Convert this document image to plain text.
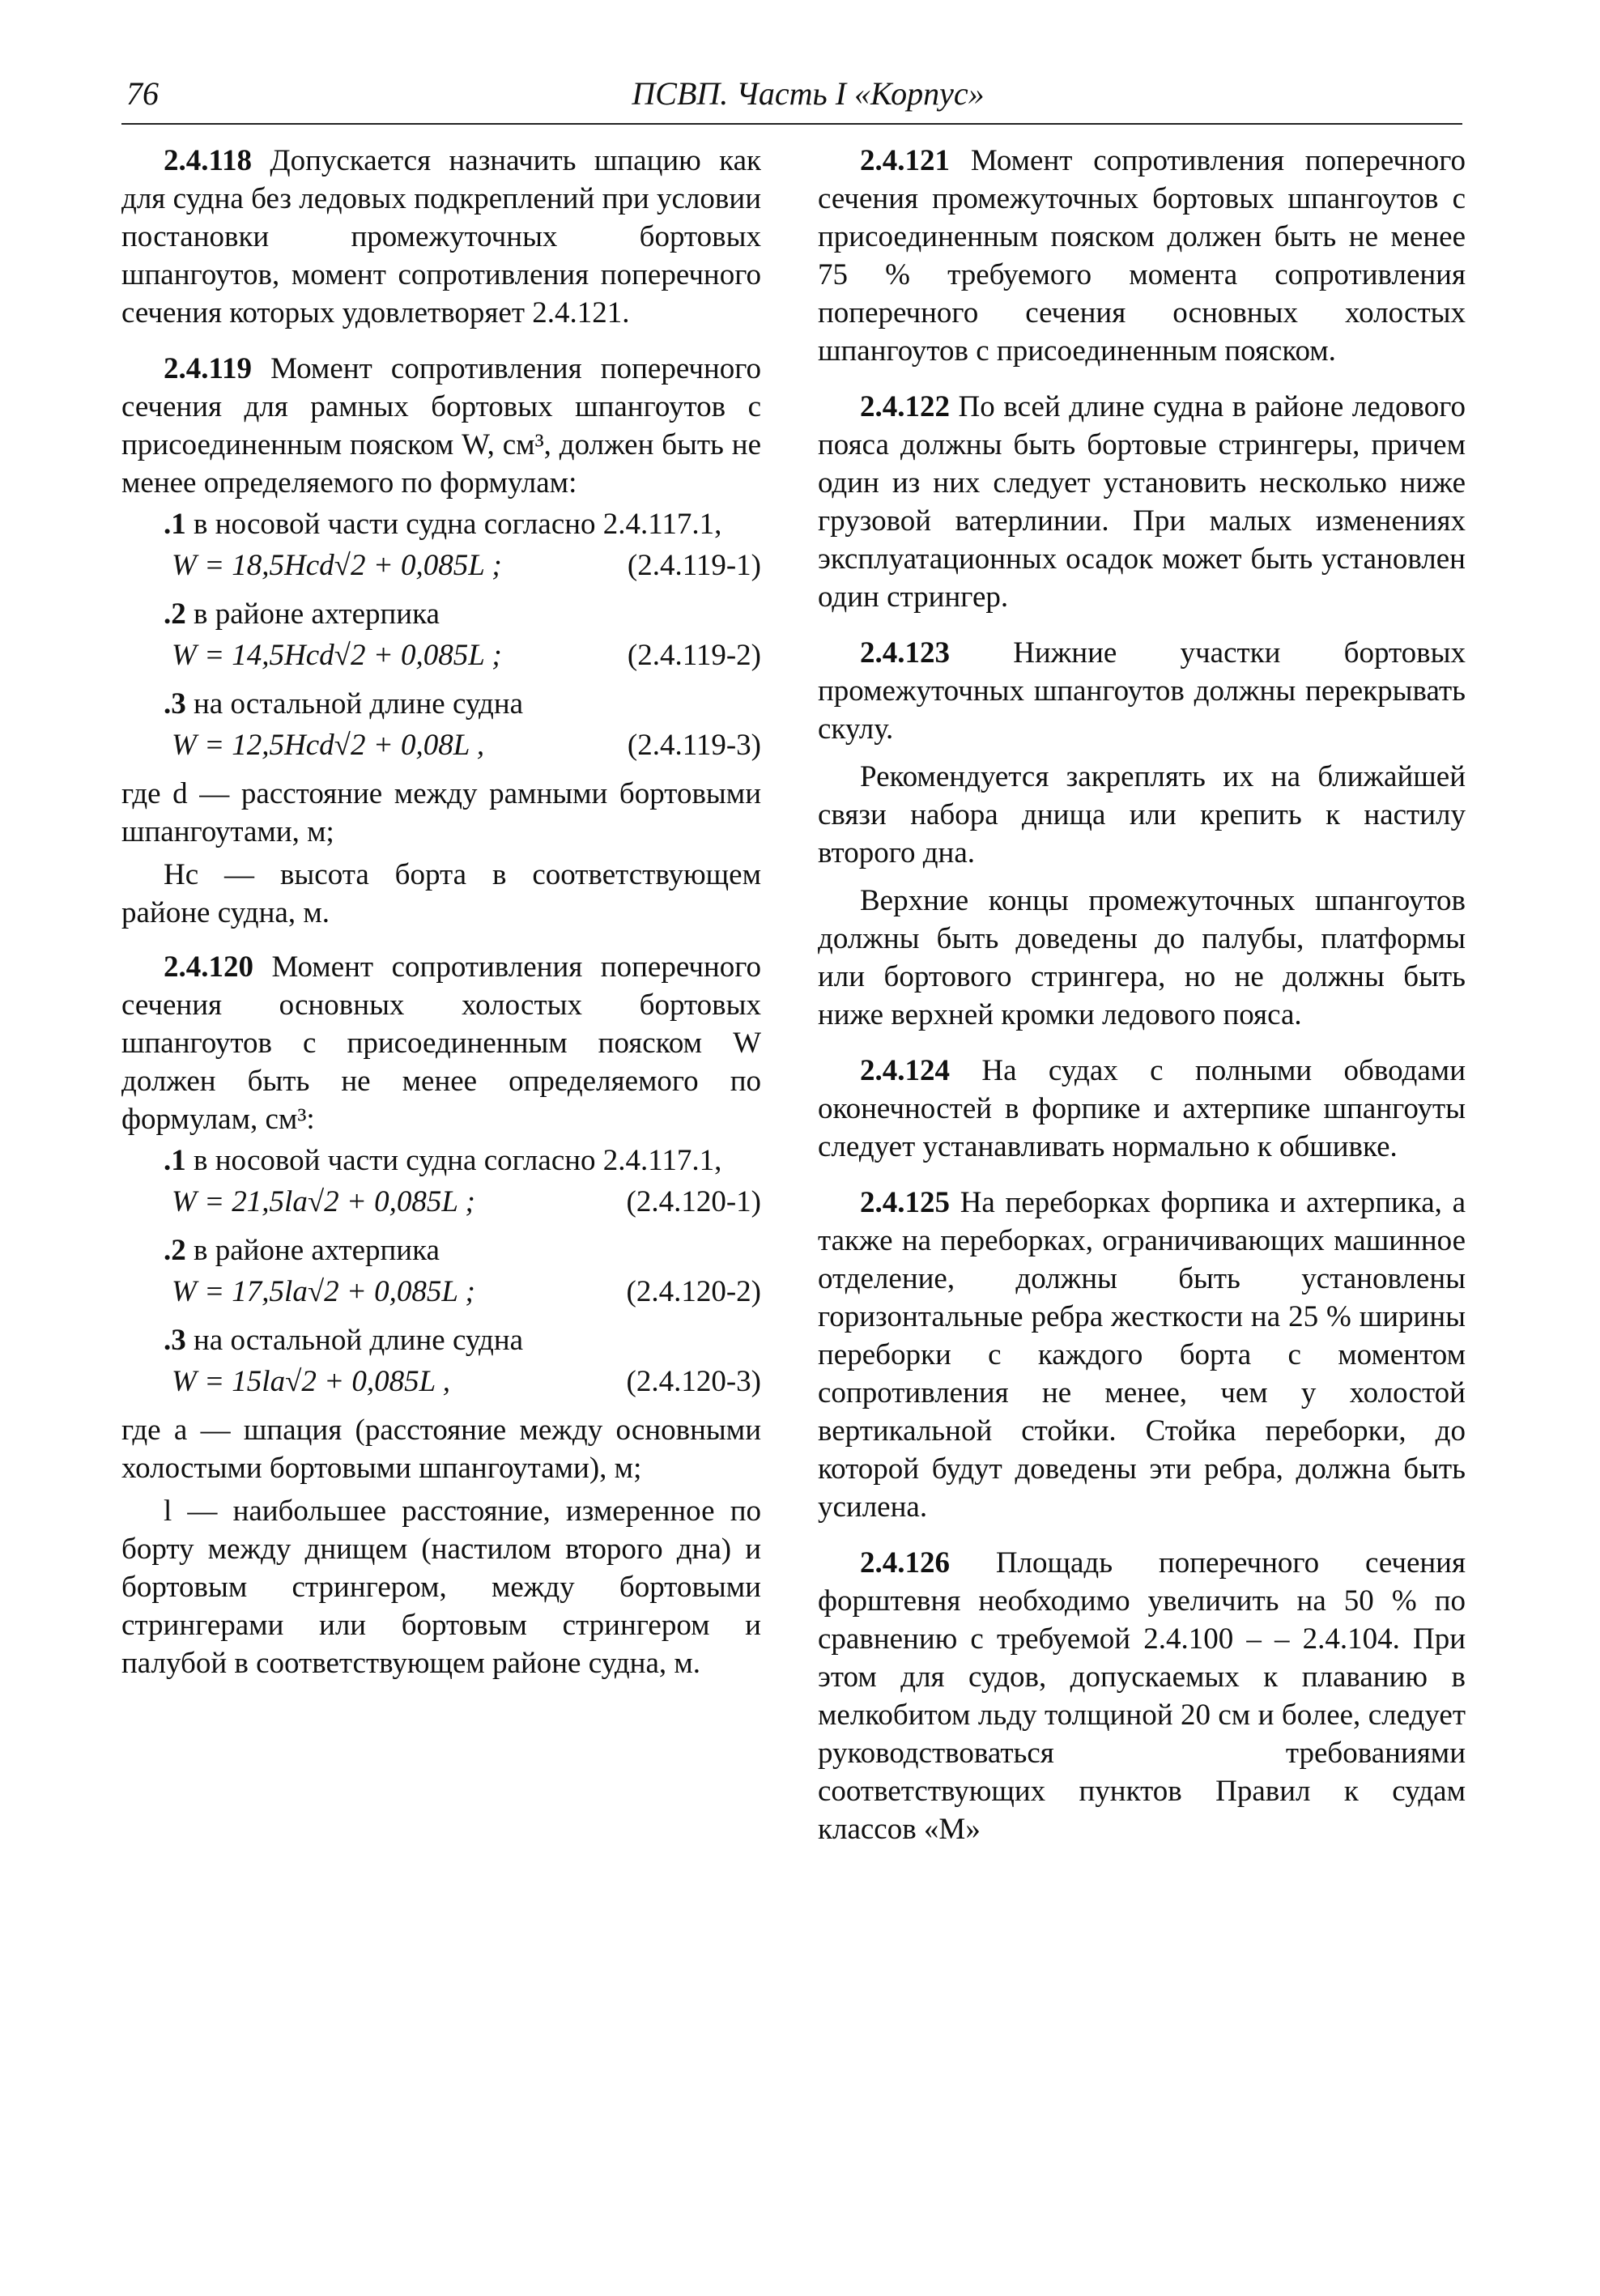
76	ПСВП. Часть I «Корпус»

2.4.118 Допускается назначить шпацию как для судна без ледовых подкреплений при условии постановки промежуточных бортовых шпангоутов, момент сопротивления поперечного сечения которых удовлетворяет 2.4.121.

2.4.119 Момент сопротивления поперечного сечения для рамных бортовых шпангоутов с присоединенным пояском W, см³, должен быть не менее определяемого по формулам:

.1 в носовой части судна согласно 2.4.117.1,

W = 18,5Hcd√2 + 0,085L ;	(2.4.119-1)

.2 в районе ахтерпика

W = 14,5Hcd√2 + 0,085L ;	(2.4.119-2)

.3 на остальной длине судна

W = 12,5Hcd√2 + 0,08L ,	(2.4.119-3)

где d — расстояние между рамными бортовыми шпангоутами, м;

Hc — высота борта в соответствующем районе судна, м.

2.4.120 Момент сопротивления поперечного сечения основных холостых бортовых шпангоутов с присоединенным пояском W должен быть не менее определяемого по формулам, см³:

.1 в носовой части судна согласно 2.4.117.1,

W = 21,5la√2 + 0,085L ;	(2.4.120-1)

.2 в районе ахтерпика

W = 17,5la√2 + 0,085L ;	(2.4.120-2)

.3 на остальной длине судна

W = 15la√2 + 0,085L ,	(2.4.120-3)

где a — шпация (расстояние между основными холостыми бортовыми шпангоутами), м;

l — наибольшее расстояние, измеренное по борту между днищем (настилом второго дна) и бортовым стрингером, между бортовыми стрингерами или бортовым стрингером и палубой в соответствующем районе судна, м.

2.4.121 Момент сопротивления поперечного сечения промежуточных бортовых шпангоутов с присоединенным пояском должен быть не менее 75 % требуемого момента сопротивления поперечного сечения основных холостых шпангоутов с присоединенным пояском.

2.4.122 По всей длине судна в районе ледового пояса должны быть бортовые стрингеры, причем один из них следует установить несколько ниже грузовой ватерлинии. При малых изменениях эксплуатационных осадок может быть установлен один стрингер.

2.4.123 Нижние участки бортовых промежуточных шпангоутов должны перекрывать скулу.

Рекомендуется закреплять их на ближайшей связи набора днища или крепить к настилу второго дна.

Верхние концы промежуточных шпангоутов должны быть доведены до палубы, платформы или бортового стрингера, но не должны быть ниже верхней кромки ледового пояса.

2.4.124 На судах с полными обводами оконечностей в форпике и ахтерпике шпангоуты следует устанавливать нормально к обшивке.

2.4.125 На переборках форпика и ахтерпика, а также на переборках, ограничивающих машинное отделение, должны быть установлены горизонтальные ребра жесткости на 25 % ширины переборки с каждого борта с моментом сопротивления не менее, чем у холостой вертикальной стойки. Стойка переборки, до которой будут доведены эти ребра, должна быть усилена.

2.4.126 Площадь поперечного сечения форштевня необходимо увеличить на 50 % по сравнению с требуемой 2.4.100 – – 2.4.104. При этом для судов, допускаемых к плаванию в мелкобитом льду толщиной 20 см и более, следует руководствоваться требованиями соответствующих пунктов Правил к судам классов «М»
